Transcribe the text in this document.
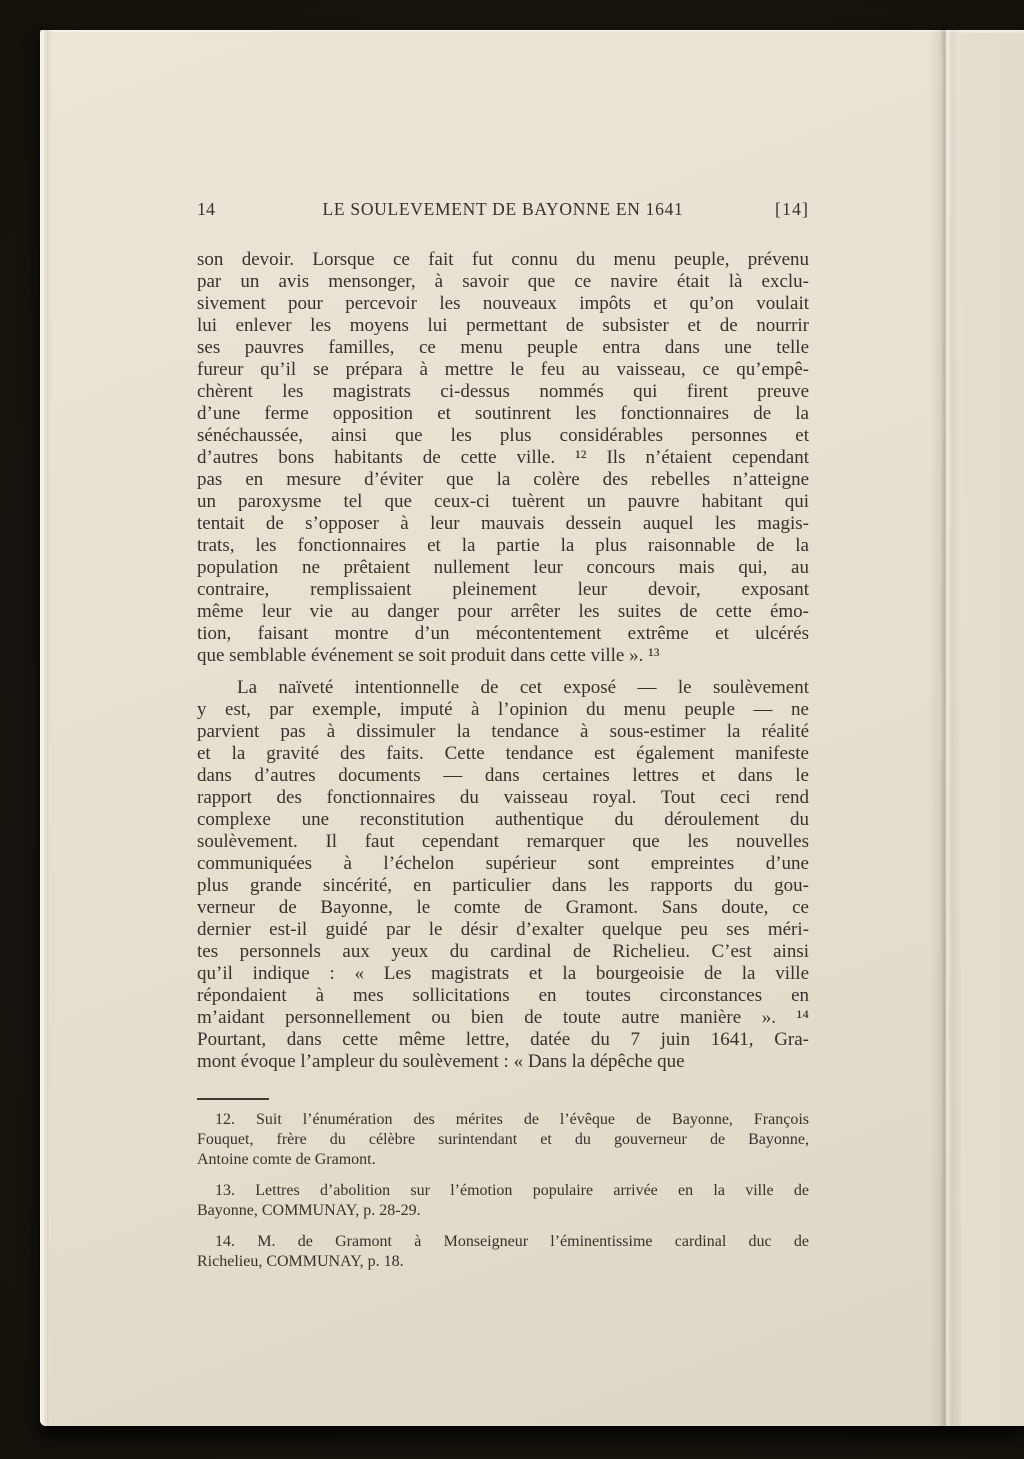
14	LE SOULEVEMENT DE BAYONNE EN 1641	[14]
son devoir. Lorsque ce fait fut connu du menu peuple, prévenu
par un avis mensonger, à savoir que ce navire était là exclu-
sivement pour percevoir les nouveaux impôts et qu’on voulait
lui enlever les moyens lui permettant de subsister et de nourrir
ses pauvres familles, ce menu peuple entra dans une telle
fureur qu’il se prépara à mettre le feu au vaisseau, ce qu’empê-
chèrent les magistrats ci-dessus nommés qui firent preuve
d’une ferme opposition et soutinrent les fonctionnaires de la
sénéchaussée, ainsi que les plus considérables personnes et
d’autres bons habitants de cette ville. ¹² Ils n’étaient cependant
pas en mesure d’éviter que la colère des rebelles n’atteigne
un paroxysme tel que ceux-ci tuèrent un pauvre habitant qui
tentait de s’opposer à leur mauvais dessein auquel les magis-
trats, les fonctionnaires et la partie la plus raisonnable de la
population ne prêtaient nullement leur concours mais qui, au
contraire, remplissaient pleinement leur devoir, exposant
même leur vie au danger pour arrêter les suites de cette émo-
tion, faisant montre d’un mécontentement extrême et ulcérés
que semblable événement se soit produit dans cette ville ». ¹³
La naïveté intentionnelle de cet exposé — le soulèvement
y est, par exemple, imputé à l’opinion du menu peuple — ne
parvient pas à dissimuler la tendance à sous-estimer la réalité
et la gravité des faits. Cette tendance est également manifeste
dans d’autres documents — dans certaines lettres et dans le
rapport des fonctionnaires du vaisseau royal. Tout ceci rend
complexe une reconstitution authentique du déroulement du
soulèvement. Il faut cependant remarquer que les nouvelles
communiquées à l’échelon supérieur sont empreintes d’une
plus grande sincérité, en particulier dans les rapports du gou-
verneur de Bayonne, le comte de Gramont. Sans doute, ce
dernier est-il guidé par le désir d’exalter quelque peu ses méri-
tes personnels aux yeux du cardinal de Richelieu. C’est ainsi
qu’il indique : « Les magistrats et la bourgeoisie de la ville
répondaient à mes sollicitations en toutes circonstances en
m’aidant personnellement ou bien de toute autre manière ». ¹⁴
Pourtant, dans cette même lettre, datée du 7 juin 1641, Gra-
mont évoque l’ampleur du soulèvement : « Dans la dépêche que
12. Suit l’énumération des mérites de l’évêque de Bayonne, François
Fouquet, frère du célèbre surintendant et du gouverneur de Bayonne,
Antoine comte de Gramont.
13. Lettres d’abolition sur l’émotion populaire arrivée en la ville de
Bayonne, COMMUNAY, p. 28-29.
14. M. de Gramont à Monseigneur l’éminentissime cardinal duc de
Richelieu, COMMUNAY, p. 18.
